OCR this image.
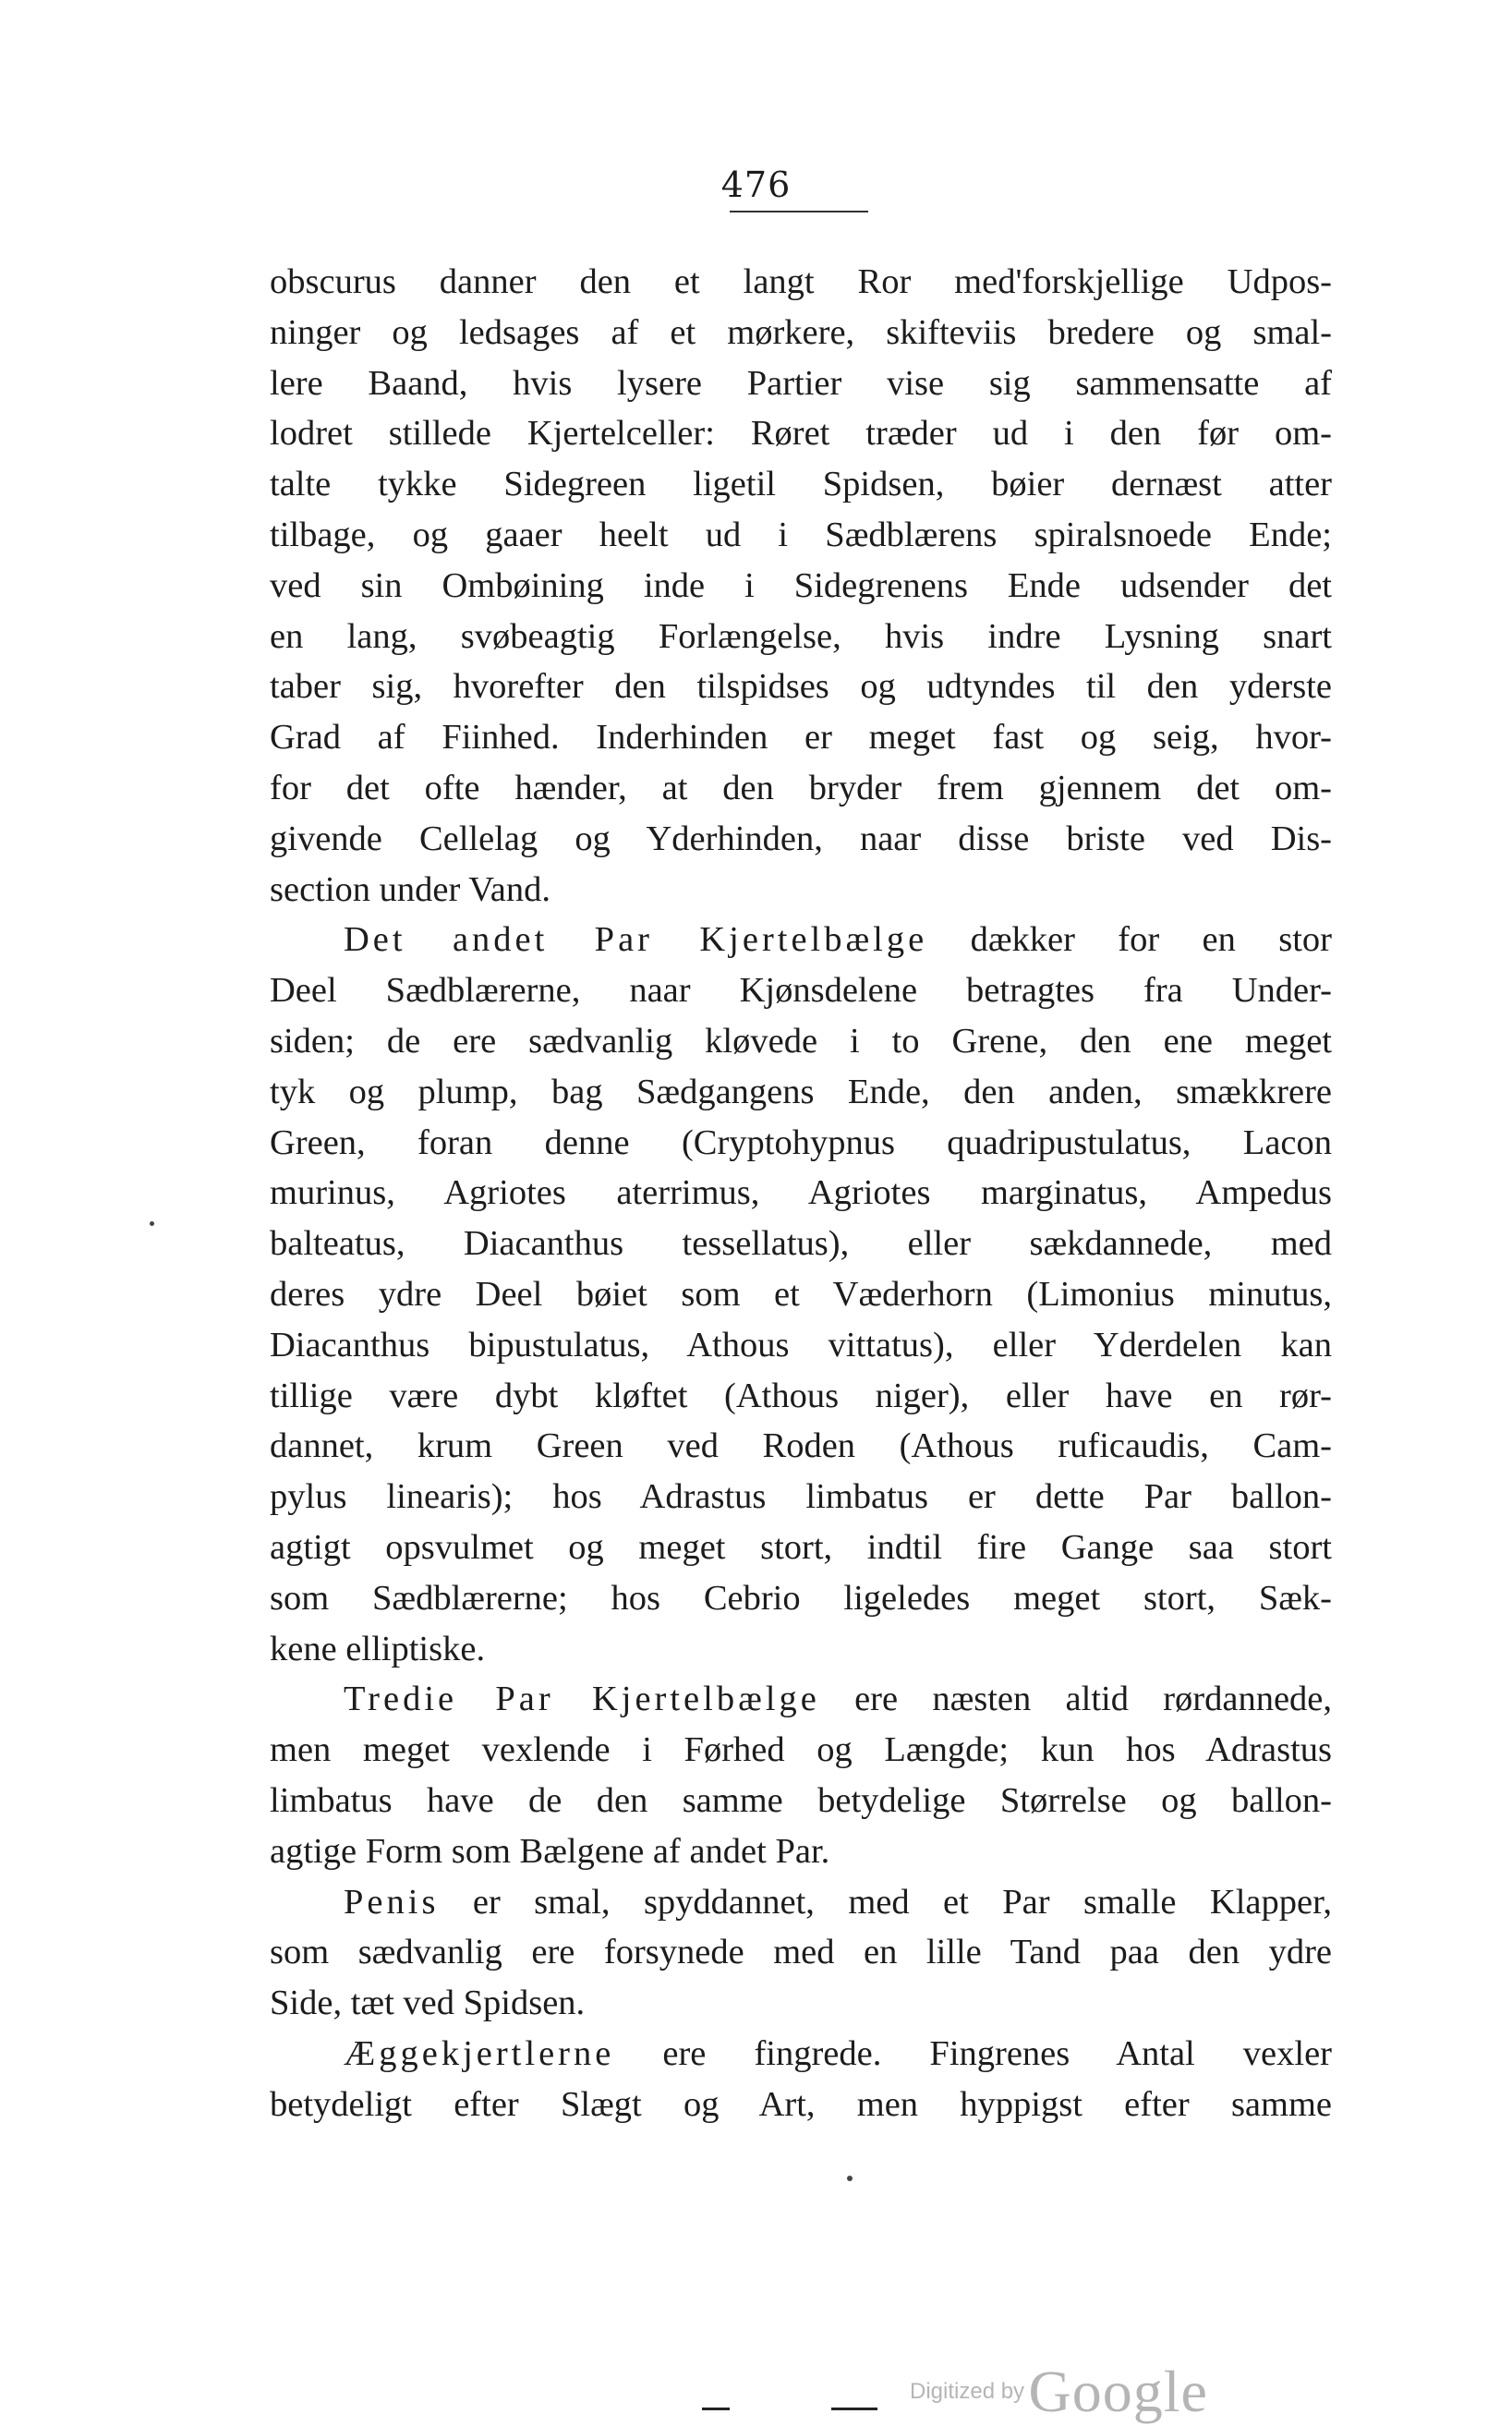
476
obscurus danner den et langt Ror med'forskjellige Udpos-
ninger og ledsages af et mørkere, skifteviis bredere og smal-
lere Baand, hvis lysere Partier vise sig sammensatte af
lodret stillede Kjertelceller: Røret træder ud i den før om-
talte tykke Sidegreen ligetil Spidsen, bøier dernæst atter
tilbage, og gaaer heelt ud i Sædblærens spiralsnoede Ende;
ved sin Ombøining inde i Sidegrenens Ende udsender det
en lang, svøbeagtig Forlængelse, hvis indre Lysning snart
taber sig, hvorefter den tilspidses og udtyndes til den yderste
Grad af Fiinhed. Inderhinden er meget fast og seig, hvor-
for det ofte hænder, at den bryder frem gjennem det om-
givende Cellelag og Yderhinden, naar disse briste ved Dis-
section under Vand.
Det andet Par Kjertelbælge dækker for en stor
Deel Sædblærerne, naar Kjønsdelene betragtes fra Under-
siden; de ere sædvanlig kløvede i to Grene, den ene meget
tyk og plump, bag Sædgangens Ende, den anden, smækkrere
Green, foran denne (Cryptohypnus quadripustulatus, Lacon
murinus, Agriotes aterrimus, Agriotes marginatus, Ampedus
balteatus, Diacanthus tessellatus), eller sækdannede, med
deres ydre Deel bøiet som et Væderhorn (Limonius minutus,
Diacanthus bipustulatus, Athous vittatus), eller Yderdelen kan
tillige være dybt kløftet (Athous niger), eller have en rør-
dannet, krum Green ved Roden (Athous ruficaudis, Cam-
pylus linearis); hos Adrastus limbatus er dette Par ballon-
agtigt opsvulmet og meget stort, indtil fire Gange saa stort
som Sædblærerne; hos Cebrio ligeledes meget stort, Sæk-
kene elliptiske.
Tredie Par Kjertelbælge ere næsten altid rørdannede,
men meget vexlende i Førhed og Længde; kun hos Adrastus
limbatus have de den samme betydelige Størrelse og ballon-
agtige Form som Bælgene af andet Par.
Penis er smal, spyddannet, med et Par smalle Klapper,
som sædvanlig ere forsynede med en lille Tand paa den ydre
Side, tæt ved Spidsen.
Æggekjertlerne ere fingrede. Fingrenes Antal vexler
betydeligt efter Slægt og Art, men hyppigst efter samme
Digitized by Google
